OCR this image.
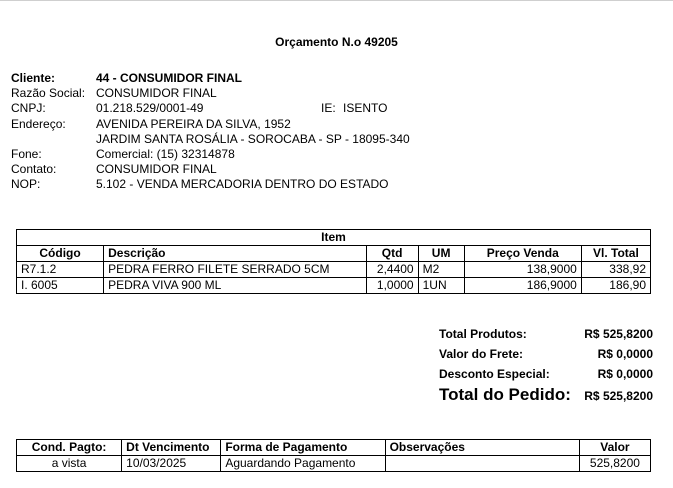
Orçamento N.o 49205
Cliente:	44 - CONSUMIDOR FINAL
Razão Social: CONSUMIDOR FINAL
CNPJ:	01.218.529/0001-49	IE: ISENTO
Endereço:	AVENIDA PEREIRA DA SILVA, 1952
JARDIM SANTA ROSÁLIA - SOROCABA - SP - 18095-340
Fone:	Comercial: (15) 32314878
Contato:	CONSUMIDOR FINAL
NOP:	5.102 - VENDA MERCADORIA DENTRO DO ESTADO
Item					
Código	Descrição	Qtd	UM	Preço Venda	Vl. Total
R7.1.2	PEDRA FERRO FILETE SERRADO 5CM	2,4400	M2	138,9000	338,92
I. 6005	PEDRA VIVA 900 ML	1,0000	1UN	186,9000	186,90
Total Produtos:	R$ 525,8200
Valor do Frete:	R$ 0,0000
Desconto Especial:	R$ 0,0000
Total do Pedido: R$ 525,8200
Cond. Pagto:	Dt Vencimento	Forma de Pagamento	Observações	Valor
a vista	10/03/2025	Aguardando Pagamento		525,8200
